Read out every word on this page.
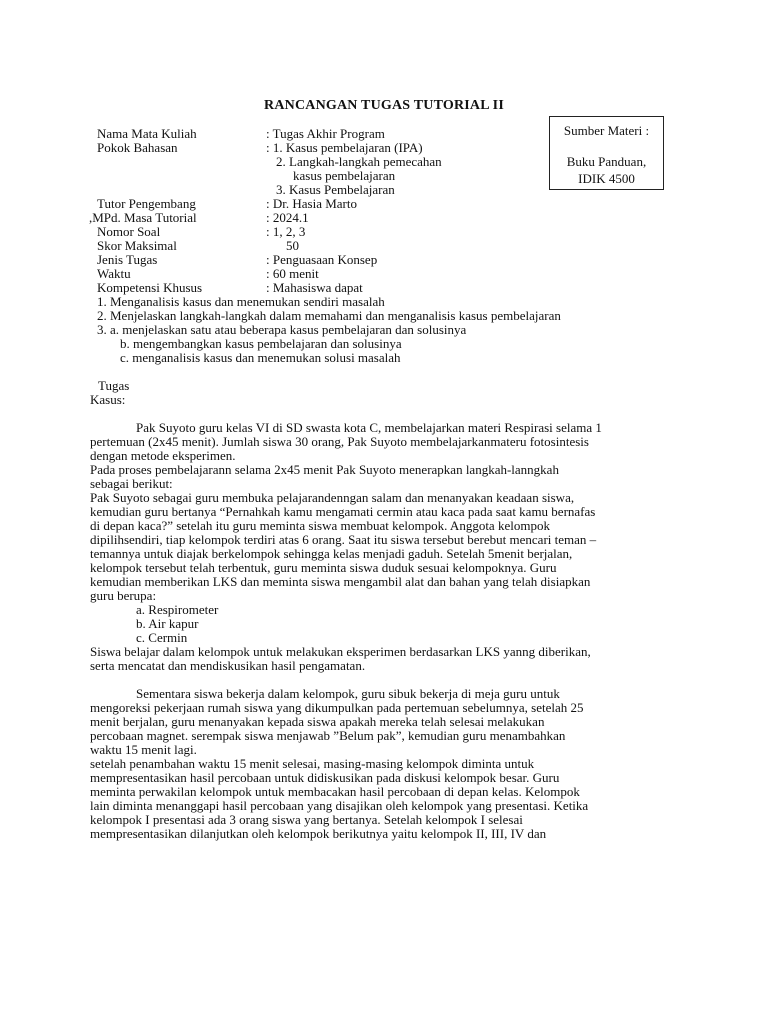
RANCANGAN TUGAS TUTORIAL II
Sumber Materi :
Buku Panduan,
IDIK 4500
Nama Mata Kuliah	: Tugas Akhir Program
Pokok Bahasan	: 1. Kasus pembelajaran (IPA)
2. Langkah-langkah pemecahan
kasus pembelajaran
3. Kasus Pembelajaran
Tutor Pengembang	: Dr. Hasia Marto
,MPd. Masa Tutorial	: 2024.1
Nomor Soal	: 1, 2, 3
Skor Maksimal	50
Jenis Tugas	: Penguasaan Konsep
Waktu	: 60 menit
Kompetensi Khusus	: Mahasiswa dapat
1. Menganalisis kasus dan menemukan sendiri masalah
2. Menjelaskan langkah-langkah dalam memahami dan menganalisis kasus pembelajaran
3. a. menjelaskan satu atau beberapa kasus pembelajaran dan solusinya
b. mengembangkan kasus pembelajaran dan solusinya
c. menganalisis kasus dan menemukan solusi masalah
Tugas
Kasus:
Pak Suyoto guru kelas VI di SD swasta kota C, membelajarkan materi Respirasi selama 1
pertemuan (2x45 menit). Jumlah siswa 30 orang, Pak Suyoto membelajarkanmateru fotosintesis
dengan metode eksperimen.
Pada proses pembelajarann selama 2x45 menit Pak Suyoto menerapkan langkah-lanngkah
sebagai berikut:
Pak Suyoto sebagai guru membuka pelajarandenngan salam dan menanyakan keadaan siswa,
kemudian guru bertanya “Pernahkah kamu mengamati cermin atau kaca pada saat kamu bernafas
di depan kaca?” setelah itu guru meminta siswa membuat kelompok. Anggota kelompok
dipilihsendiri, tiap kelompok terdiri atas 6 orang. Saat itu siswa tersebut berebut mencari teman –
temannya untuk diajak berkelompok sehingga kelas menjadi gaduh. Setelah 5menit berjalan,
kelompok tersebut telah terbentuk, guru meminta siswa duduk sesuai kelompoknya. Guru
kemudian memberikan LKS dan meminta siswa mengambil alat dan bahan yang telah disiapkan
guru berupa:
a. Respirometer
b. Air kapur
c. Cermin
Siswa belajar dalam kelompok untuk melakukan eksperimen berdasarkan LKS yanng diberikan,
serta mencatat dan mendiskusikan hasil pengamatan.
Sementara siswa bekerja dalam kelompok, guru sibuk bekerja di meja guru untuk
mengoreksi pekerjaan rumah siswa yang dikumpulkan pada pertemuan sebelumnya, setelah 25
menit berjalan, guru menanyakan kepada siswa apakah mereka telah selesai melakukan
percobaan magnet. serempak siswa menjawab ”Belum pak”, kemudian guru menambahkan
waktu 15 menit lagi.
setelah penambahan waktu 15 menit selesai, masing-masing kelompok diminta untuk
mempresentasikan hasil percobaan untuk didiskusikan pada diskusi kelompok besar. Guru
meminta perwakilan kelompok untuk membacakan hasil percobaan di depan kelas. Kelompok
lain diminta menanggapi hasil percobaan yang disajikan oleh kelompok yang presentasi. Ketika
kelompok I presentasi ada 3 orang siswa yang bertanya. Setelah kelompok I selesai
mempresentasikan dilanjutkan oleh kelompok berikutnya yaitu kelompok II, III, IV dan
